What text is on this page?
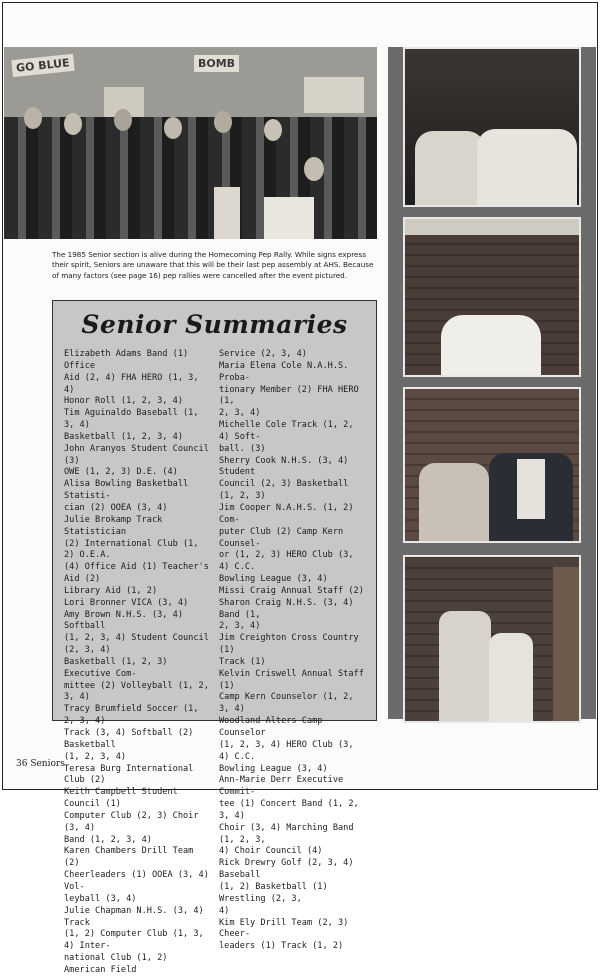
GO BLUE	BOMB
The 1985 Senior section is alive during the Homecoming Pep Rally. While signs express their spirit, Seniors are unaware that this will be their last pep assembly at AHS. Because of many factors (see page 16) pep rallies were cancelled after the event pictured.
Senior Summaries

Elizabeth Adams Band (1) Office

Aid (2, 4) FHA HERO (1, 3, 4)

Honor Roll (1, 2, 3, 4)

Tim Aguinaldo Baseball (1, 3, 4)

Basketball (1, 2, 3, 4)

John Aranyos Student Council (3)

OWE (1, 2, 3) D.E. (4)

Alisa Bowling Basketball Statisti-

cian (2) OOEA (3, 4)

Julie Brokamp Track Statistician

(2) International Club (1, 2) O.E.A.

(4) Office Aid (1) Teacher's Aid (2)

Library Aid (1, 2)

Lori Bronner VICA (3, 4)

Amy Brown N.H.S. (3, 4) Softball

(1, 2, 3, 4) Student Council (2, 3, 4)

Basketball (1, 2, 3) Executive Com-

mittee (2) Volleyball (1, 2, 3, 4)

Tracy Brumfield Soccer (1, 2, 3, 4)

Track (3, 4) Softball (2) Basketball

(1, 2, 3, 4)

Teresa Burg International Club (2)

Keith Campbell Student Council (1)

Computer Club (2, 3) Choir (3, 4)

Band (1, 2, 3, 4)

Karen Chambers Drill Team (2)

Cheerleaders (1) OOEA (3, 4) Vol-

leyball (3, 4)

Julie Chapman N.H.S. (3, 4) Track

(1, 2) Computer Club (1, 3, 4) Inter-

national Club (1, 2) American Field

Service (2, 3, 4)

Maria Elena Cole N.A.H.S. Proba-

tionary Member (2) FHA HERO (1,

2, 3, 4)

Michelle Cole Track (1, 2, 4) Soft-

ball. (3)

Sherry Cook N.H.S. (3, 4) Student

Council (2, 3) Basketball (1, 2, 3)

Jim Cooper N.A.H.S. (1, 2) Com-

puter Club (2) Camp Kern Counsel-

or (1, 2, 3) HERO Club (3, 4) C.C.

Bowling League (3, 4)

Missi Craig Annual Staff (2)

Sharon Craig N.H.S. (3, 4) Band (1,

2, 3, 4)

Jim Creighton Cross Country (1)

Track (1)

Kelvin Criswell Annual Staff (1)

Camp Kern Counselor (1, 2, 3, 4)

Woodland Alters Camp Counselor

(1, 2, 3, 4) HERO Club (3, 4) C.C.

Bowling League (3, 4)

Ann-Marie Derr Executive Commit-

tee (1) Concert Band (1, 2, 3, 4)

Choir (3, 4) Marching Band (1, 2, 3,

4) Choir Council (4)

Rick Drewry Golf (2, 3, 4) Baseball

(1, 2) Basketball (1) Wrestling (2, 3,

4)

Kim Ely Drill Team (2, 3) Cheer-

leaders (1) Track (1, 2)

36 Seniors
